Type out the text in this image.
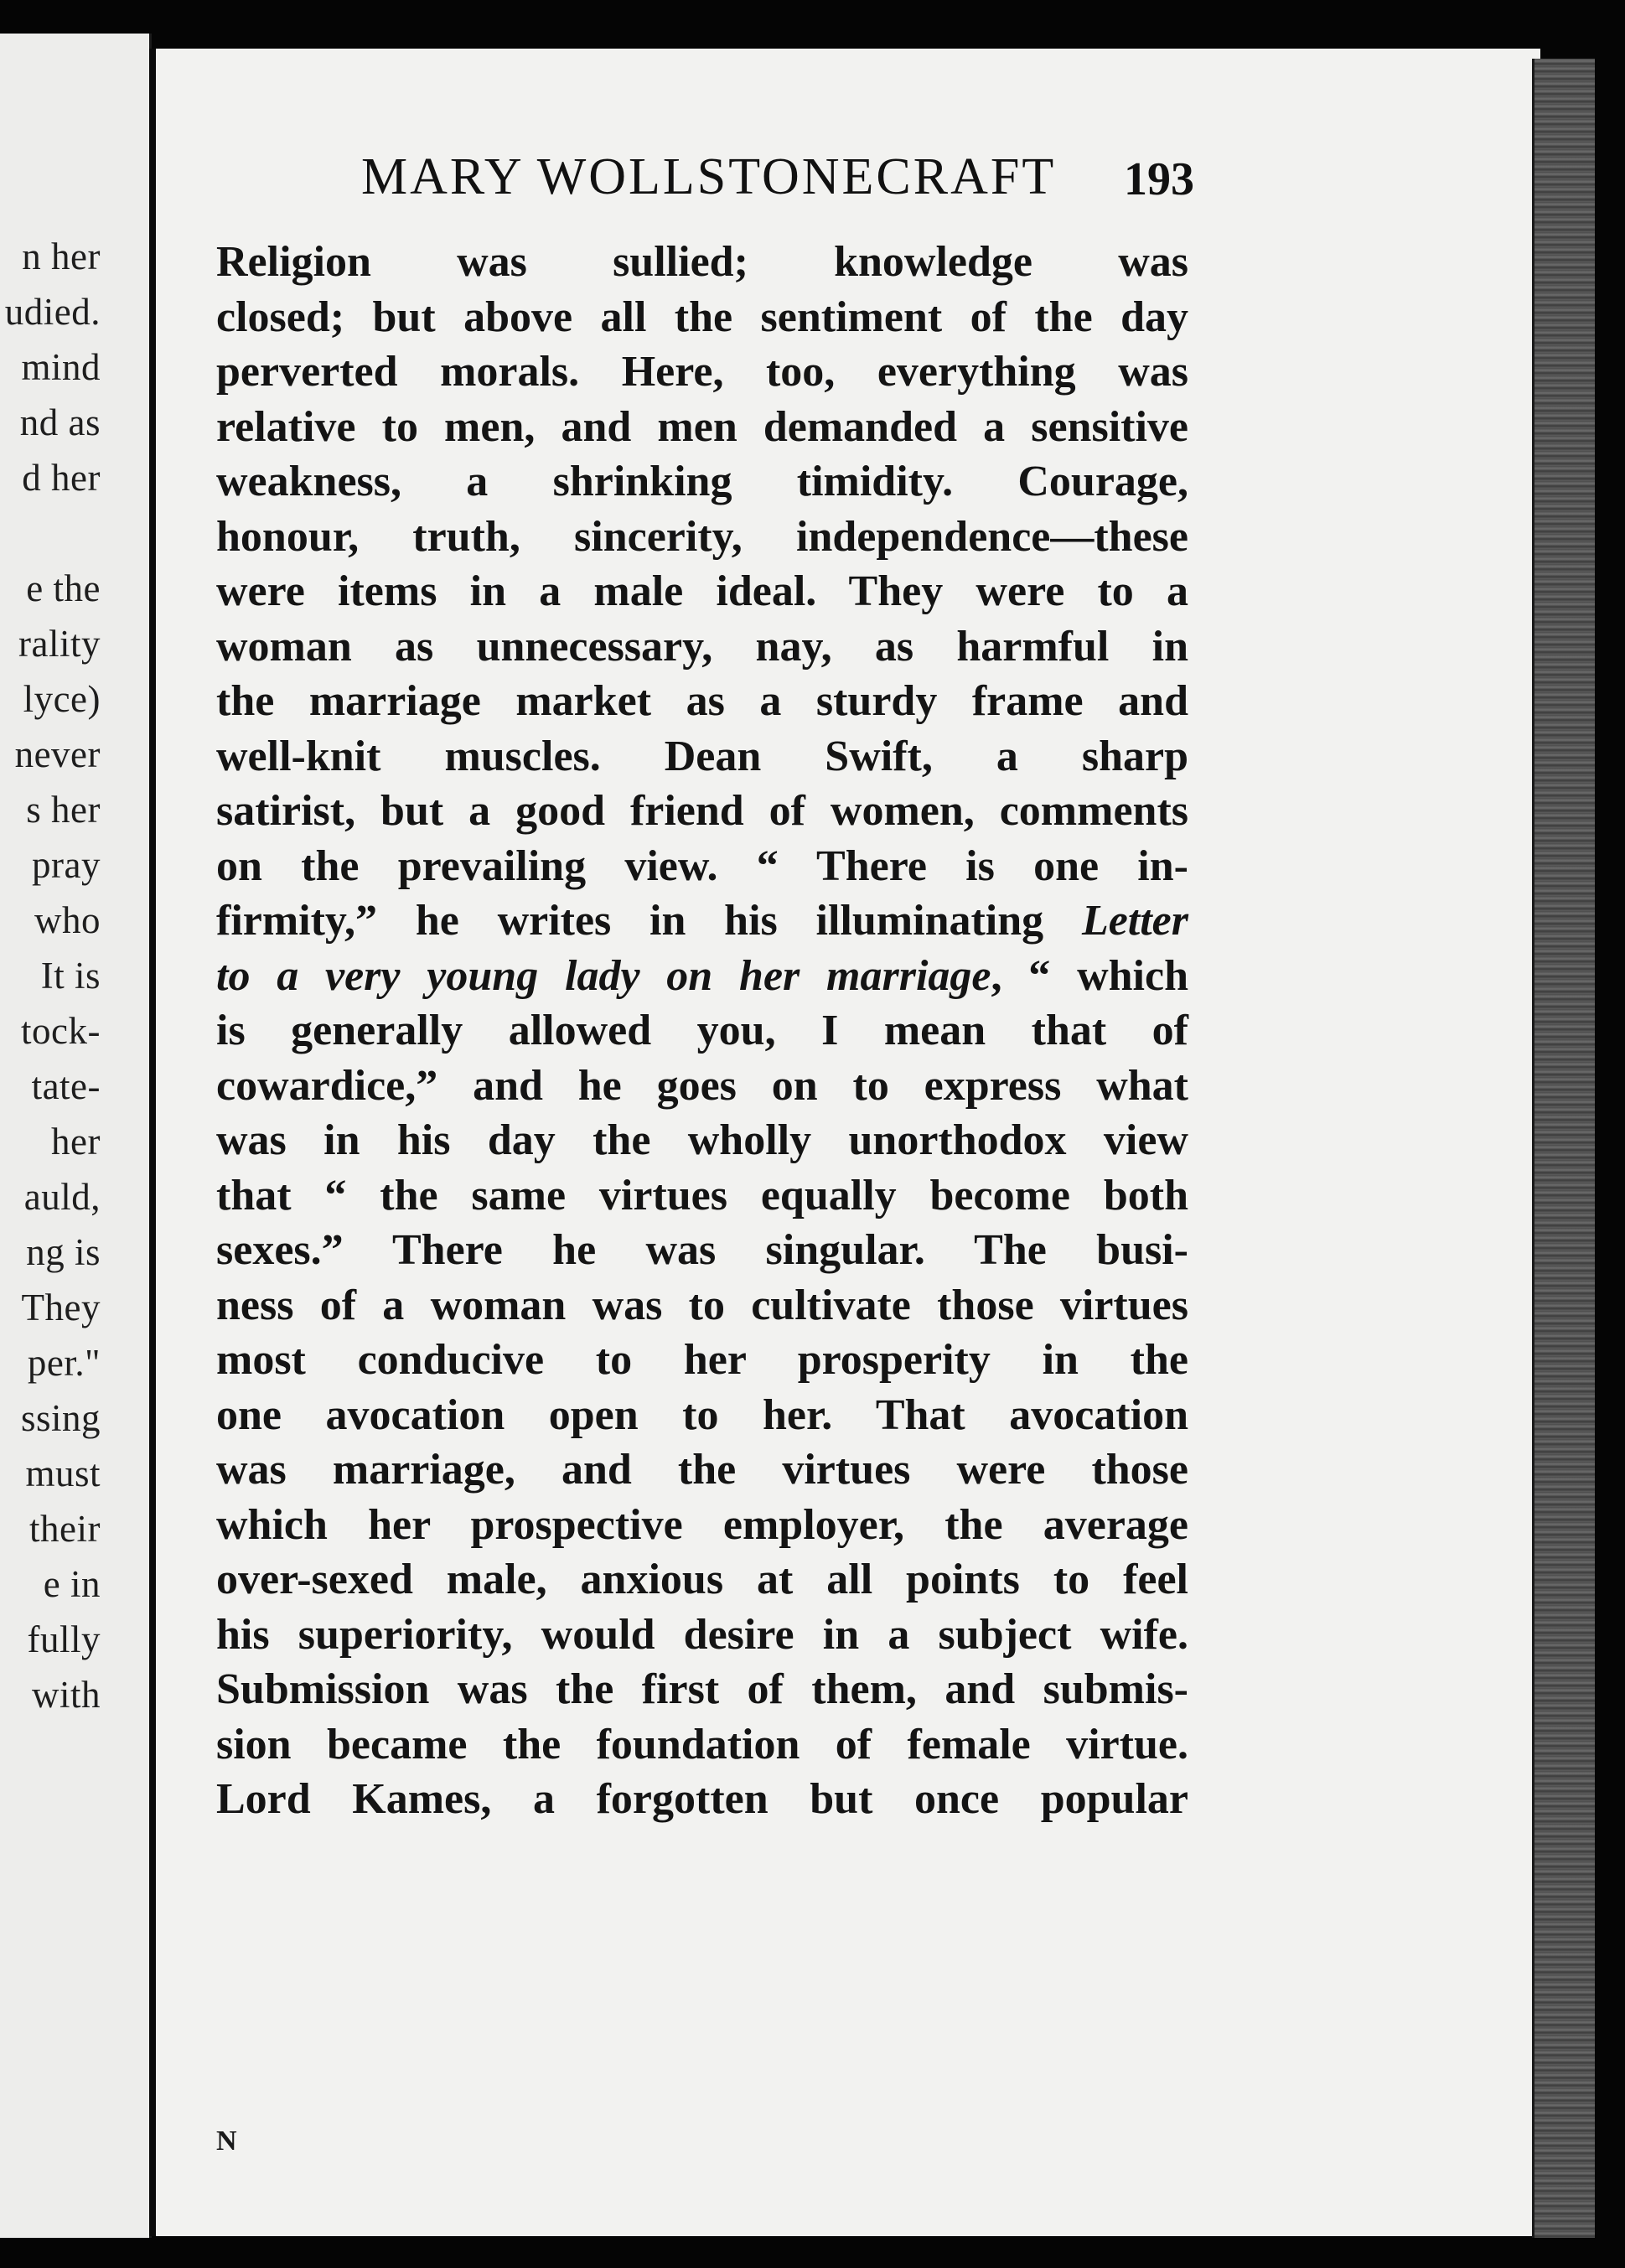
n her
udied.
mind
nd as
d her
e the
rality
lyce)
never
s her
pray
who
It is
tock-
tate-
her
auld,
ng is
They
per."
ssing
must
their
e in
fully
with
MARY WOLLSTONECRAFT 193
Religion was sullied; knowledge was
closed; but above all the sentiment of the day
perverted morals. Here, too, everything was
relative to men, and men demanded a sensitive
weakness, a shrinking timidity. Courage,
honour, truth, sincerity, independence—these
were items in a male ideal. They were to a
woman as unnecessary, nay, as harmful in
the marriage market as a sturdy frame and
well-knit muscles. Dean Swift, a sharp
satirist, but a good friend of women, comments
on the prevailing view. “ There is one in-
firmity,” he writes in his illuminating Letter
to a very young lady on her marriage, “ which
is generally allowed you, I mean that of
cowardice,” and he goes on to express what
was in his day the wholly unorthodox view
that “ the same virtues equally become both
sexes.” There he was singular. The busi-
ness of a woman was to cultivate those virtues
most conducive to her prosperity in the
one avocation open to her. That avocation
was marriage, and the virtues were those
which her prospective employer, the average
over-sexed male, anxious at all points to feel
his superiority, would desire in a subject wife.
Submission was the first of them, and submis-
sion became the foundation of female virtue.
Lord Kames, a forgotten but once popular
N
